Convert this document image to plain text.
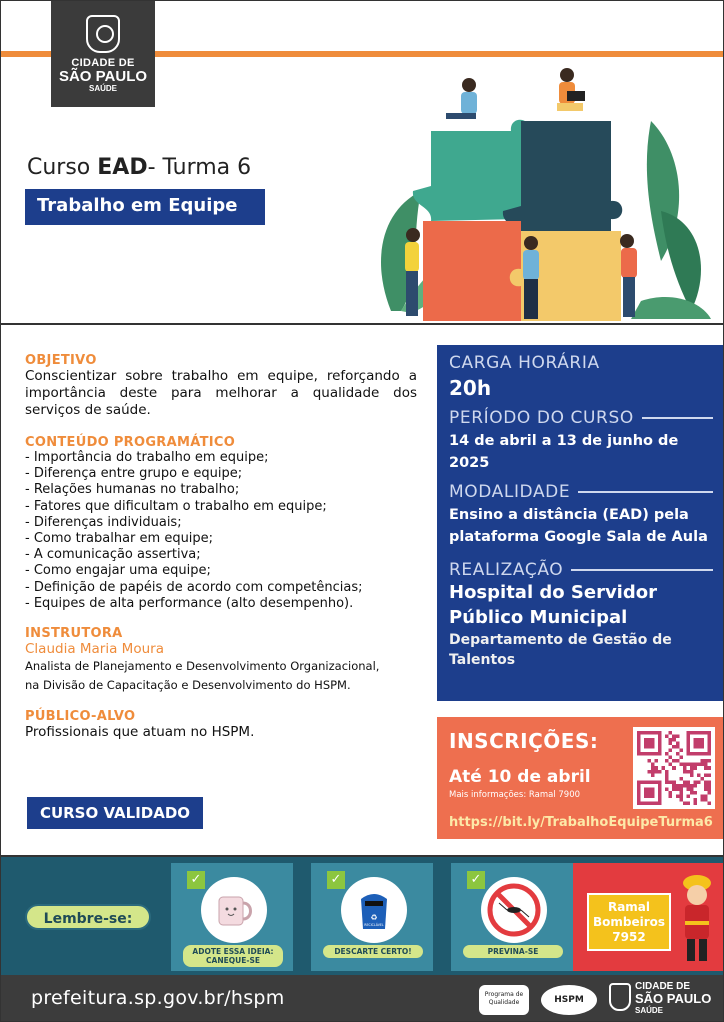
CIDADE DE
SÃO PAULO
SAÚDE
Curso EAD- Turma 6
Trabalho em Equipe
OBJETIVO
Conscientizar sobre trabalho em equipe, reforçando a importância deste para melhorar a qualidade dos serviços de saúde.
CONTEÚDO PROGRAMÁTICO
- Importância do trabalho em equipe;
- Diferença entre grupo e equipe;
- Relações humanas no trabalho;
- Fatores que dificultam o trabalho em equipe;
- Diferenças individuais;
- Como trabalhar em equipe;
- A comunicação assertiva;
- Como engajar uma equipe;
- Definição de papéis de acordo com competências;
- Equipes de alta performance (alto desempenho).
INSTRUTORA
Claudia Maria Moura
Analista de Planejamento e Desenvolvimento Organizacional,
na Divisão de Capacitação e Desenvolvimento do HSPM.
PÚBLICO-ALVO
Profissionais que atuam no HSPM.
CURSO VALIDADO
CARGA HORÁRIA
20h
PERÍODO DO CURSO
14 de abril a 13 de junho de 2025
MODALIDADE
Ensino a distância (EAD) pela
plataforma Google Sala de Aula
REALIZAÇÃO
Hospital do Servidor
Público Municipal
Departamento de Gestão de
Talentos
INSCRIÇÕES:
Até 10 de abril
Mais informações: Ramal 7900
https://bit.ly/TrabalhoEquipeTurma6
Lembre-se:
✓
ADOTE ESSA IDEIA: CANEQUE-SE
✓
♻
RECICLÁVEL
DESCARTE CERTO!
✓
PREVINA-SE
Ramal
Bombeiros
7952
prefeitura.sp.gov.br/hspm	Programa de Qualidade	HSPM
CIDADE DE
SÃO PAULO
SAÚDE
